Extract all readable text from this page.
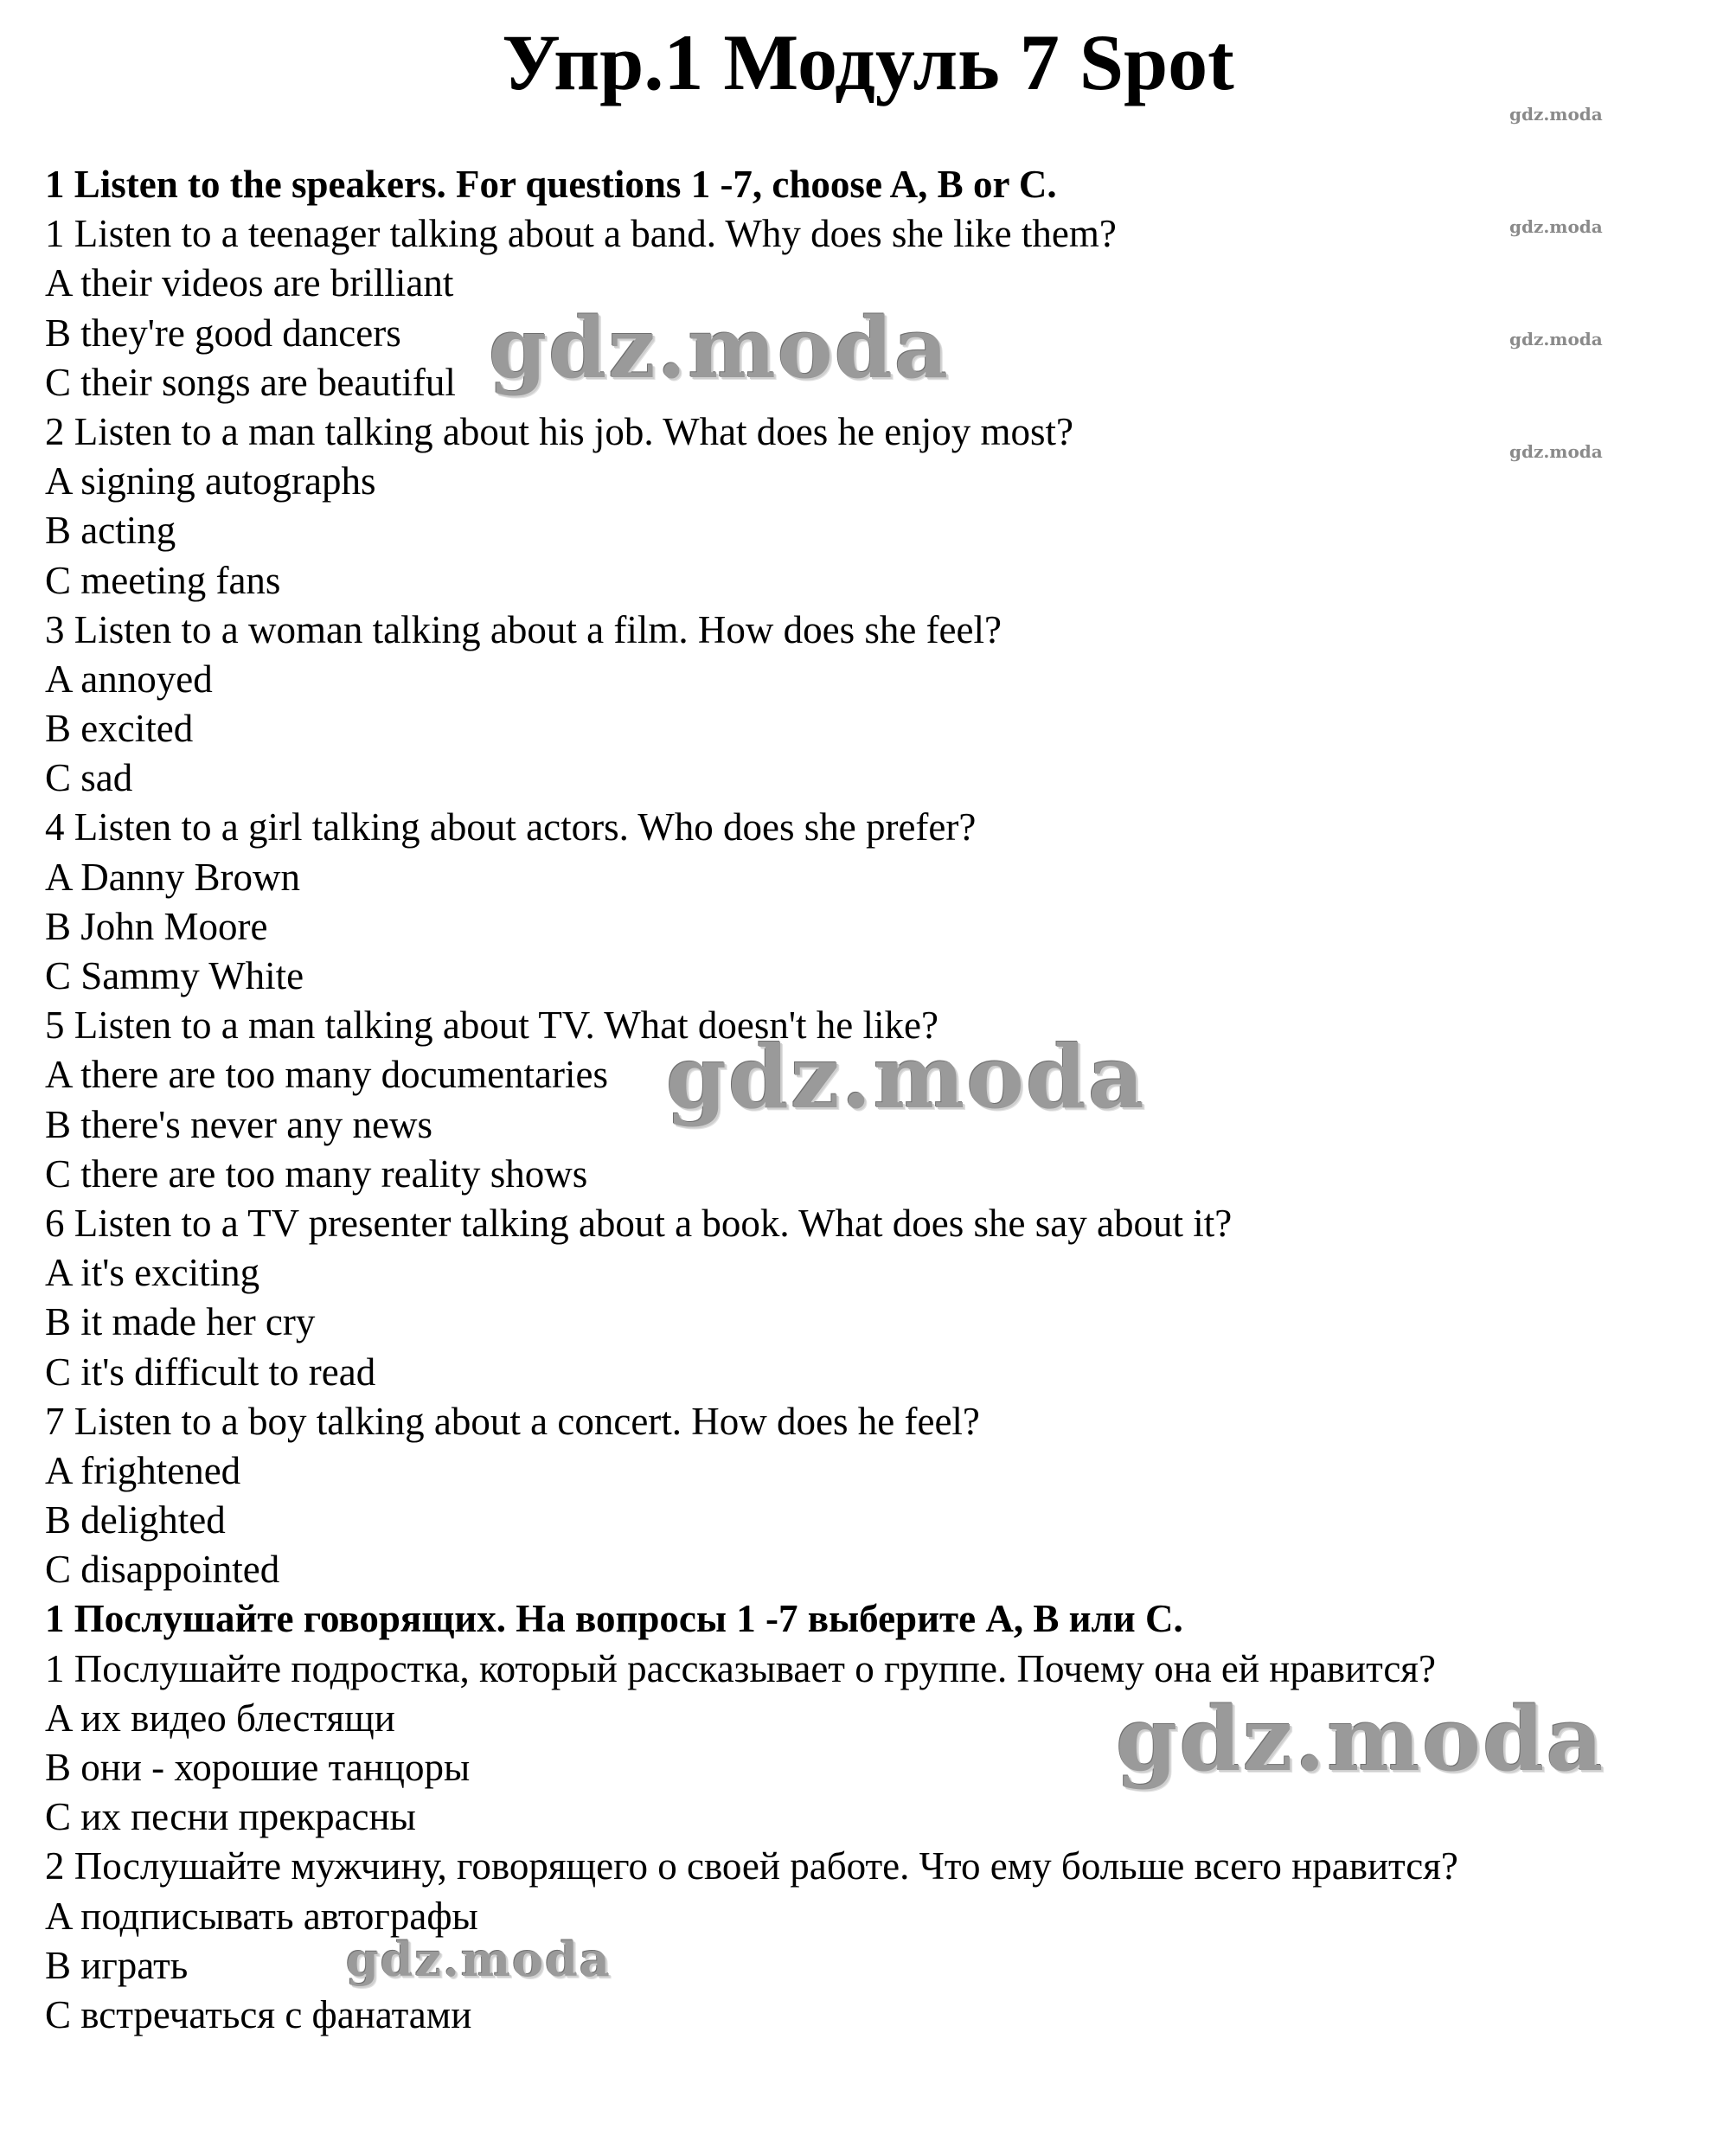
Упр.1 Модуль 7 Spot
1 Listen to the speakers. For questions 1 -7, choose A, B or C.
1 Listen to a teenager talking about a band. Why does she like them?
A their videos are brilliant
B they're good dancers
C their songs are beautiful
2 Listen to a man talking about his job. What does he enjoy most?
A signing autographs
B acting
C meeting fans
3 Listen to a woman talking about a film. How does she feel?
A annoyed
B excited
C sad
4 Listen to a girl talking about actors. Who does she prefer?
A Danny Brown
B John Moore
C Sammy White
5 Listen to a man talking about TV. What doesn't he like?
A there are too many documentaries
B there's never any news
C there are too many reality shows
6 Listen to a TV presenter talking about a book. What does she say about it?
A it's exciting
B it made her cry
C it's difficult to read
7 Listen to a boy talking about a concert. How does he feel?
A frightened
B delighted
C disappointed
1 Послушайте говорящих. На вопросы 1 -7 выберите A, B или C.
1 Послушайте подростка, который рассказывает о группе. Почему она ей нравится?
A их видео блестящи
B они - хорошие танцоры
C их песни прекрасны
2 Послушайте мужчину, говорящего о своей работе. Что ему больше всего нравится?
A подписывать автографы
B играть
C встречаться с фанатами
gdz.moda
gdz.moda
gdz.moda
gdz.moda
gdz.moda
gdz.moda
gdz.moda
gdz.moda
